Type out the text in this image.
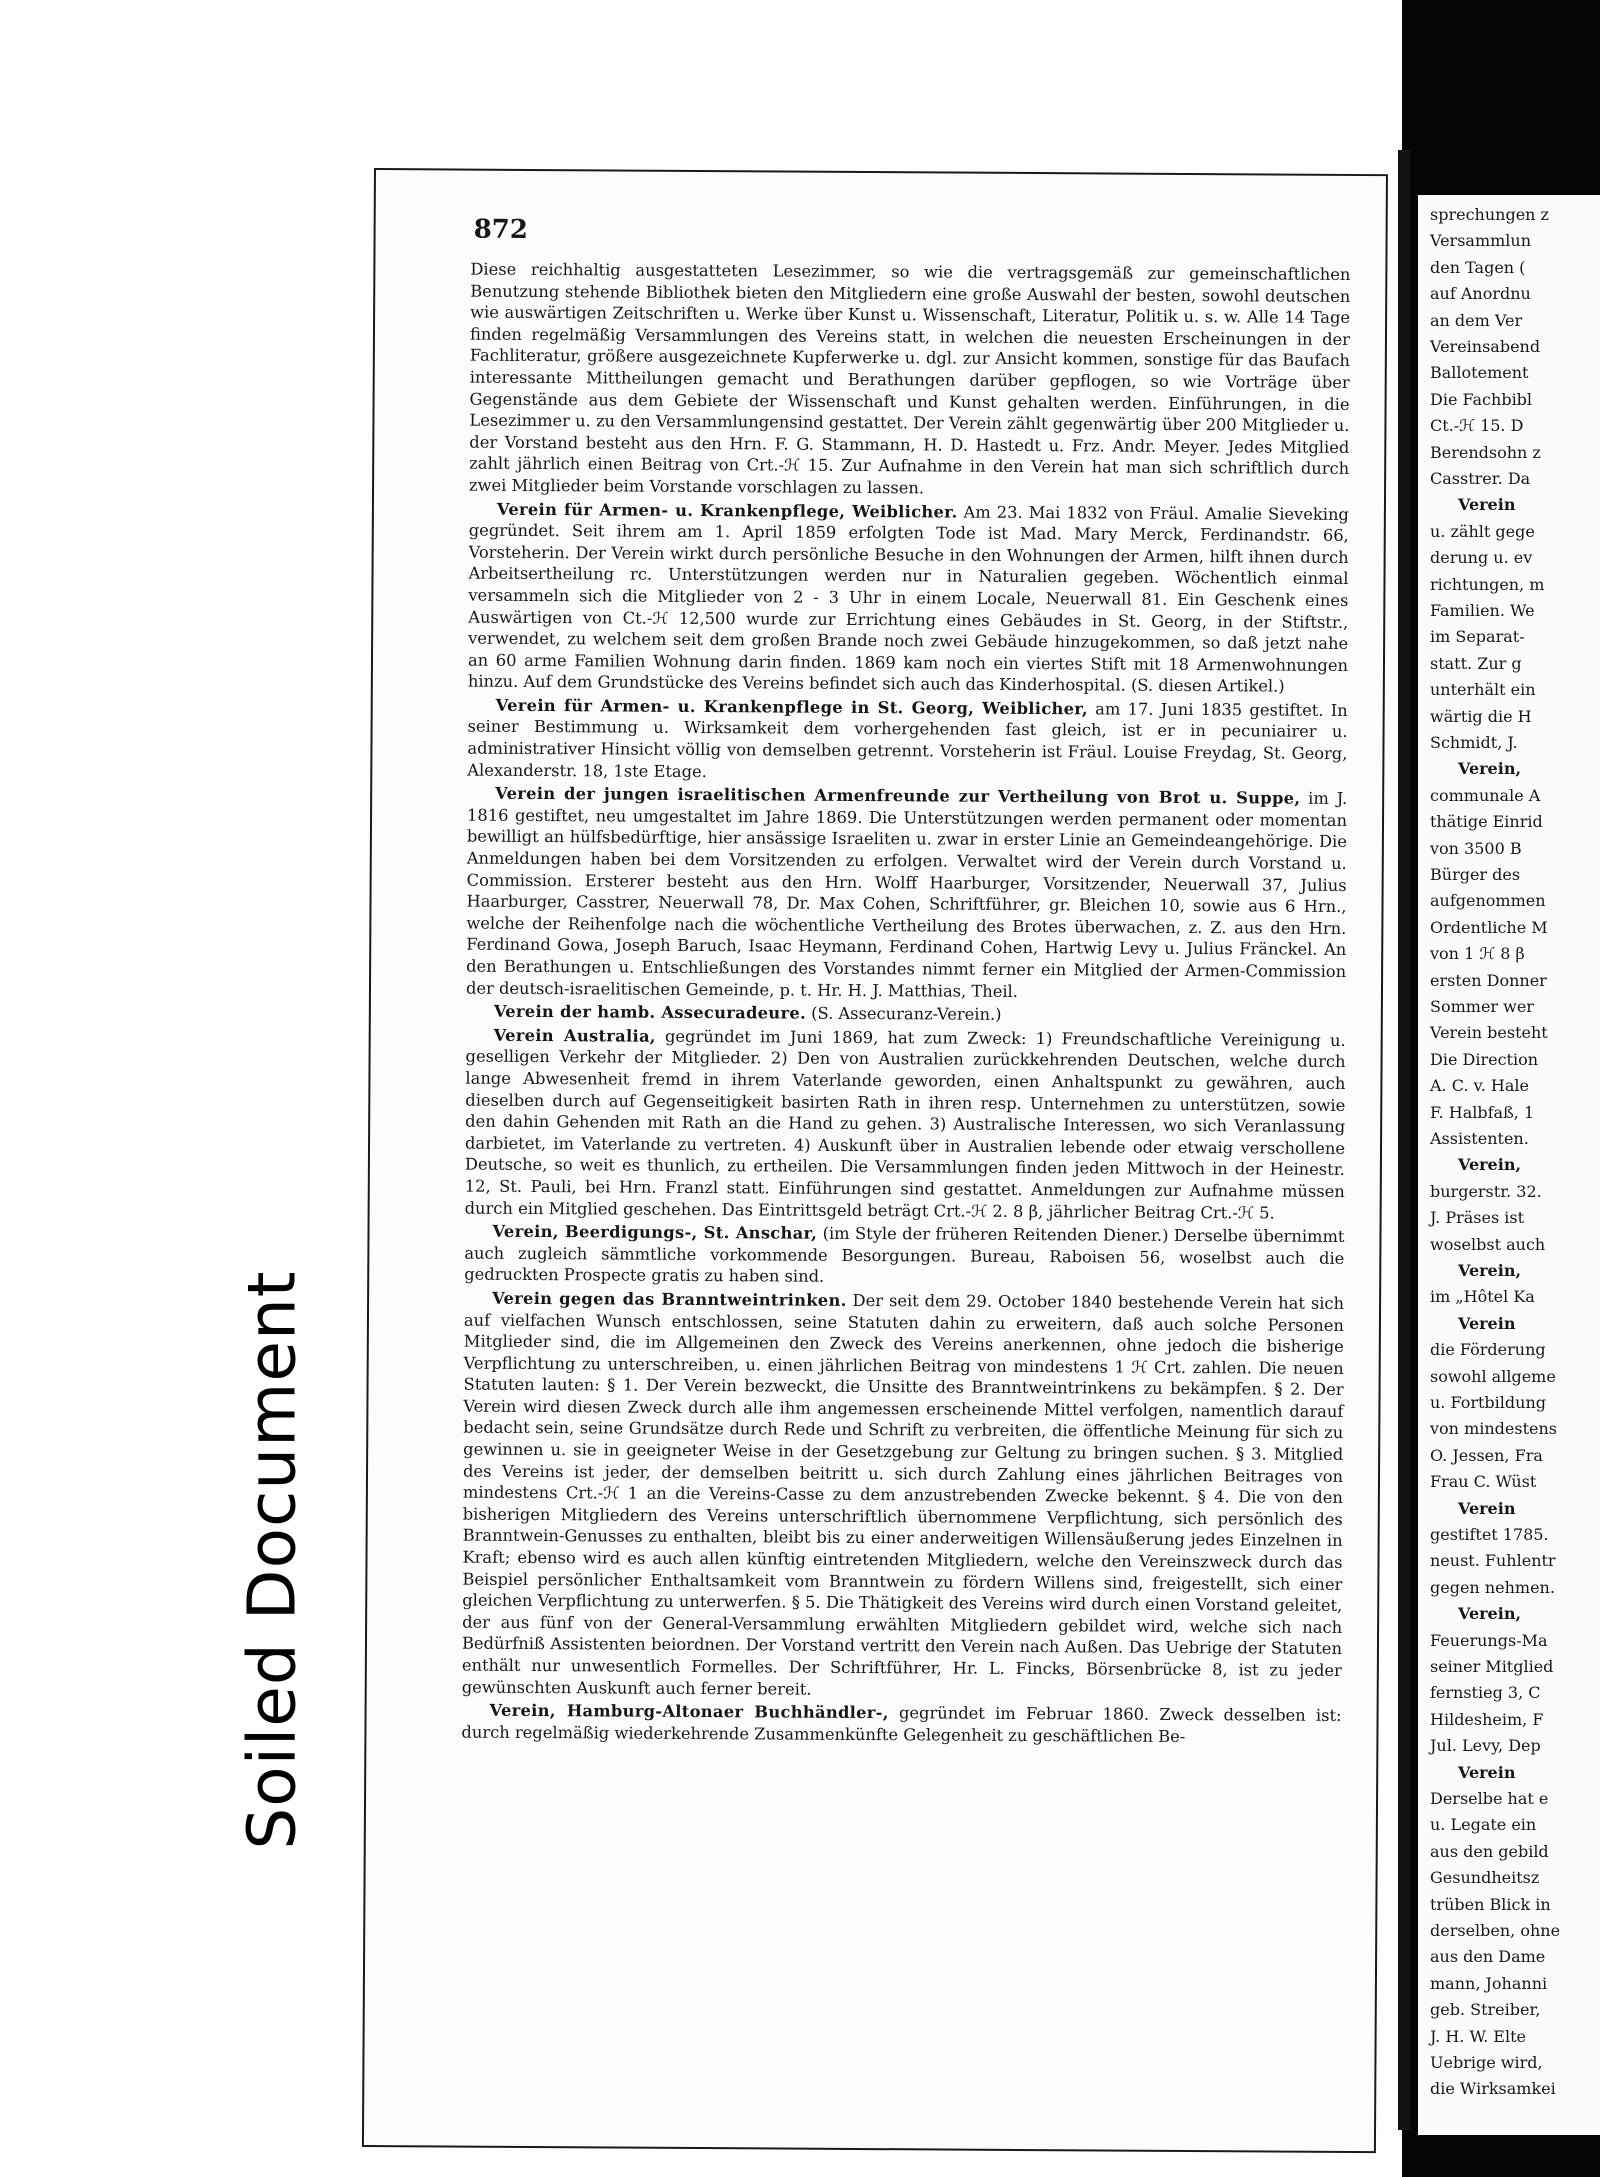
Soiled Document
872

Diese reichhaltig ausgestatteten Lesezimmer, so wie die vertragsgemäß zur gemeinschaftlichen Benutzung stehende Bibliothek bieten den Mitgliedern eine große Auswahl der besten, sowohl deutschen wie auswärtigen Zeitschriften u. Werke über Kunst u. Wissenschaft, Literatur, Politik u. s. w. Alle 14 Tage finden regelmäßig Versammlungen des Vereins statt, in welchen die neuesten Erscheinungen in der Fachliteratur, größere ausgezeichnete Kupferwerke u. dgl. zur Ansicht kommen, sonstige für das Baufach interessante Mittheilungen gemacht und Berathungen darüber gepflogen, so wie Vorträge über Gegenstände aus dem Gebiete der Wissenschaft und Kunst gehalten werden. Einführungen, in die Lesezimmer u. zu den Versammlungensind gestattet. Der Verein zählt gegenwärtig über 200 Mitglieder u. der Vorstand besteht aus den Hrn. F. G. Stammann, H. D. Hastedt u. Frz. Andr. Meyer. Jedes Mitglied zahlt jährlich einen Beitrag von Crt.-ℋ 15. Zur Aufnahme in den Verein hat man sich schriftlich durch zwei Mitglieder beim Vorstande vorschlagen zu lassen.

Verein für Armen- u. Krankenpflege, Weiblicher. Am 23. Mai 1832 von Fräul. Amalie Sieveking gegründet. Seit ihrem am 1. April 1859 erfolgten Tode ist Mad. Mary Merck, Ferdinandstr. 66, Vorsteherin. Der Verein wirkt durch persönliche Besuche in den Wohnungen der Armen, hilft ihnen durch Arbeitsertheilung rc. Unterstützungen werden nur in Naturalien gegeben. Wöchentlich einmal versammeln sich die Mitglieder von 2 - 3 Uhr in einem Locale, Neuerwall 81. Ein Geschenk eines Auswärtigen von Ct.-ℋ 12,500 wurde zur Errichtung eines Gebäudes in St. Georg, in der Stiftstr., verwendet, zu welchem seit dem großen Brande noch zwei Gebäude hinzugekommen, so daß jetzt nahe an 60 arme Familien Wohnung darin finden. 1869 kam noch ein viertes Stift mit 18 Armenwohnungen hinzu. Auf dem Grundstücke des Vereins befindet sich auch das Kinderhospital. (S. diesen Artikel.)

Verein für Armen- u. Krankenpflege in St. Georg, Weiblicher, am 17. Juni 1835 gestiftet. In seiner Bestimmung u. Wirksamkeit dem vorhergehenden fast gleich, ist er in pecuniairer u. administrativer Hinsicht völlig von demselben getrennt. Vorsteherin ist Fräul. Louise Freydag, St. Georg, Alexanderstr. 18, 1ste Etage.

Verein der jungen israelitischen Armenfreunde zur Vertheilung von Brot u. Suppe, im J. 1816 gestiftet, neu umgestaltet im Jahre 1869. Die Unterstützungen werden permanent oder momentan bewilligt an hülfsbedürftige, hier ansässige Israeliten u. zwar in erster Linie an Gemeindeangehörige. Die Anmeldungen haben bei dem Vorsitzenden zu erfolgen. Verwaltet wird der Verein durch Vorstand u. Commission. Ersterer besteht aus den Hrn. Wolff Haarburger, Vorsitzender, Neuerwall 37, Julius Haarburger, Casstrer, Neuerwall 78, Dr. Max Cohen, Schriftführer, gr. Bleichen 10, sowie aus 6 Hrn., welche der Reihenfolge nach die wöchentliche Vertheilung des Brotes überwachen, z. Z. aus den Hrn. Ferdinand Gowa, Joseph Baruch, Isaac Heymann, Ferdinand Cohen, Hartwig Levy u. Julius Fränckel. An den Berathungen u. Entschließungen des Vorstandes nimmt ferner ein Mitglied der Armen-Commission der deutsch-israelitischen Gemeinde, p. t. Hr. H. J. Matthias, Theil.

Verein der hamb. Assecuradeure. (S. Assecuranz-Verein.)

Verein Australia, gegründet im Juni 1869, hat zum Zweck: 1) Freundschaftliche Vereinigung u. geselligen Verkehr der Mitglieder. 2) Den von Australien zurückkehrenden Deutschen, welche durch lange Abwesenheit fremd in ihrem Vaterlande geworden, einen Anhaltspunkt zu gewähren, auch dieselben durch auf Gegenseitigkeit basirten Rath in ihren resp. Unternehmen zu unterstützen, sowie den dahin Gehenden mit Rath an die Hand zu gehen. 3) Australische Interessen, wo sich Veranlassung darbietet, im Vaterlande zu vertreten. 4) Auskunft über in Australien lebende oder etwaig verschollene Deutsche, so weit es thunlich, zu ertheilen. Die Versammlungen finden jeden Mittwoch in der Heinestr. 12, St. Pauli, bei Hrn. Franzl statt. Einführungen sind gestattet. Anmeldungen zur Aufnahme müssen durch ein Mitglied geschehen. Das Eintrittsgeld beträgt Crt.-ℋ 2. 8 β, jährlicher Beitrag Crt.-ℋ 5.

Verein, Beerdigungs-, St. Anschar, (im Style der früheren Reitenden Diener.) Derselbe übernimmt auch zugleich sämmtliche vorkommende Besorgungen. Bureau, Raboisen 56, woselbst auch die gedruckten Prospecte gratis zu haben sind.

Verein gegen das Branntweintrinken. Der seit dem 29. October 1840 bestehende Verein hat sich auf vielfachen Wunsch entschlossen, seine Statuten dahin zu erweitern, daß auch solche Personen Mitglieder sind, die im Allgemeinen den Zweck des Vereins anerkennen, ohne jedoch die bisherige Verpflichtung zu unterschreiben, u. einen jährlichen Beitrag von mindestens 1 ℋ Crt. zahlen. Die neuen Statuten lauten: § 1. Der Verein bezweckt, die Unsitte des Branntweintrinkens zu bekämpfen. § 2. Der Verein wird diesen Zweck durch alle ihm angemessen erscheinende Mittel verfolgen, namentlich darauf bedacht sein, seine Grundsätze durch Rede und Schrift zu verbreiten, die öffentliche Meinung für sich zu gewinnen u. sie in geeigneter Weise in der Gesetzgebung zur Geltung zu bringen suchen. § 3. Mitglied des Vereins ist jeder, der demselben beitritt u. sich durch Zahlung eines jährlichen Beitrages von mindestens Crt.-ℋ 1 an die Vereins-Casse zu dem anzustrebenden Zwecke bekennt. § 4. Die von den bisherigen Mitgliedern des Vereins unterschriftlich übernommene Verpflichtung, sich persönlich des Branntwein-Genusses zu enthalten, bleibt bis zu einer anderweitigen Willensäußerung jedes Einzelnen in Kraft; ebenso wird es auch allen künftig eintretenden Mitgliedern, welche den Vereinszweck durch das Beispiel persönlicher Enthaltsamkeit vom Branntwein zu fördern Willens sind, freigestellt, sich einer gleichen Verpflichtung zu unterwerfen. § 5. Die Thätigkeit des Vereins wird durch einen Vorstand geleitet, der aus fünf von der General-Versammlung erwählten Mitgliedern gebildet wird, welche sich nach Bedürfniß Assistenten beiordnen. Der Vorstand vertritt den Verein nach Außen. Das Uebrige der Statuten enthält nur unwesentlich Formelles. Der Schriftführer, Hr. L. Fincks, Börsenbrücke 8, ist zu jeder gewünschten Auskunft auch ferner bereit.

Verein, Hamburg-Altonaer Buchhändler-, gegründet im Februar 1860. Zweck desselben ist: durch regelmäßig wiederkehrende Zusammenkünfte Gelegenheit zu geschäftlichen Be-

sprechungen z
Versammlun
den Tagen (
auf Anordnu
an dem Ver
Vereinsabend
Ballotement
Die Fachbibl
Ct.-ℋ 15. D
Berendsohn z
Casstrer. Da
Verein
u. zählt gege
derung u. ev
richtungen, m
Familien. We
im Separat-
statt. Zur g
unterhält ein
wärtig die H
Schmidt, J.
Verein,
communale A
thätige Einrid
von 3500 B
Bürger des
aufgenommen
Ordentliche M
von 1 ℋ 8 β
ersten Donner
Sommer wer
Verein besteht
Die Direction
A. C. v. Hale
F. Halbfaß, 1
Assistenten.
Verein,
burgerstr. 32.
J. Präses ist
woselbst auch
Verein,
im „Hôtel Ka
Verein
die Förderung
sowohl allgeme
u. Fortbildung
von mindestens
O. Jessen, Fra
Frau C. Wüst
Verein
gestiftet 1785.
neust. Fuhlentr
gegen nehmen.
Verein,
Feuerungs-Ma
seiner Mitglied
fernstieg 3, C
Hildesheim, F
Jul. Levy, Dep
Verein
Derselbe hat e
u. Legate ein
aus den gebild
Gesundheitsz
trüben Blick in
derselben, ohne
aus den Dame
mann, Johanni
geb. Streiber,
J. H. W. Elte
Uebrige wird,
die Wirksamkei
